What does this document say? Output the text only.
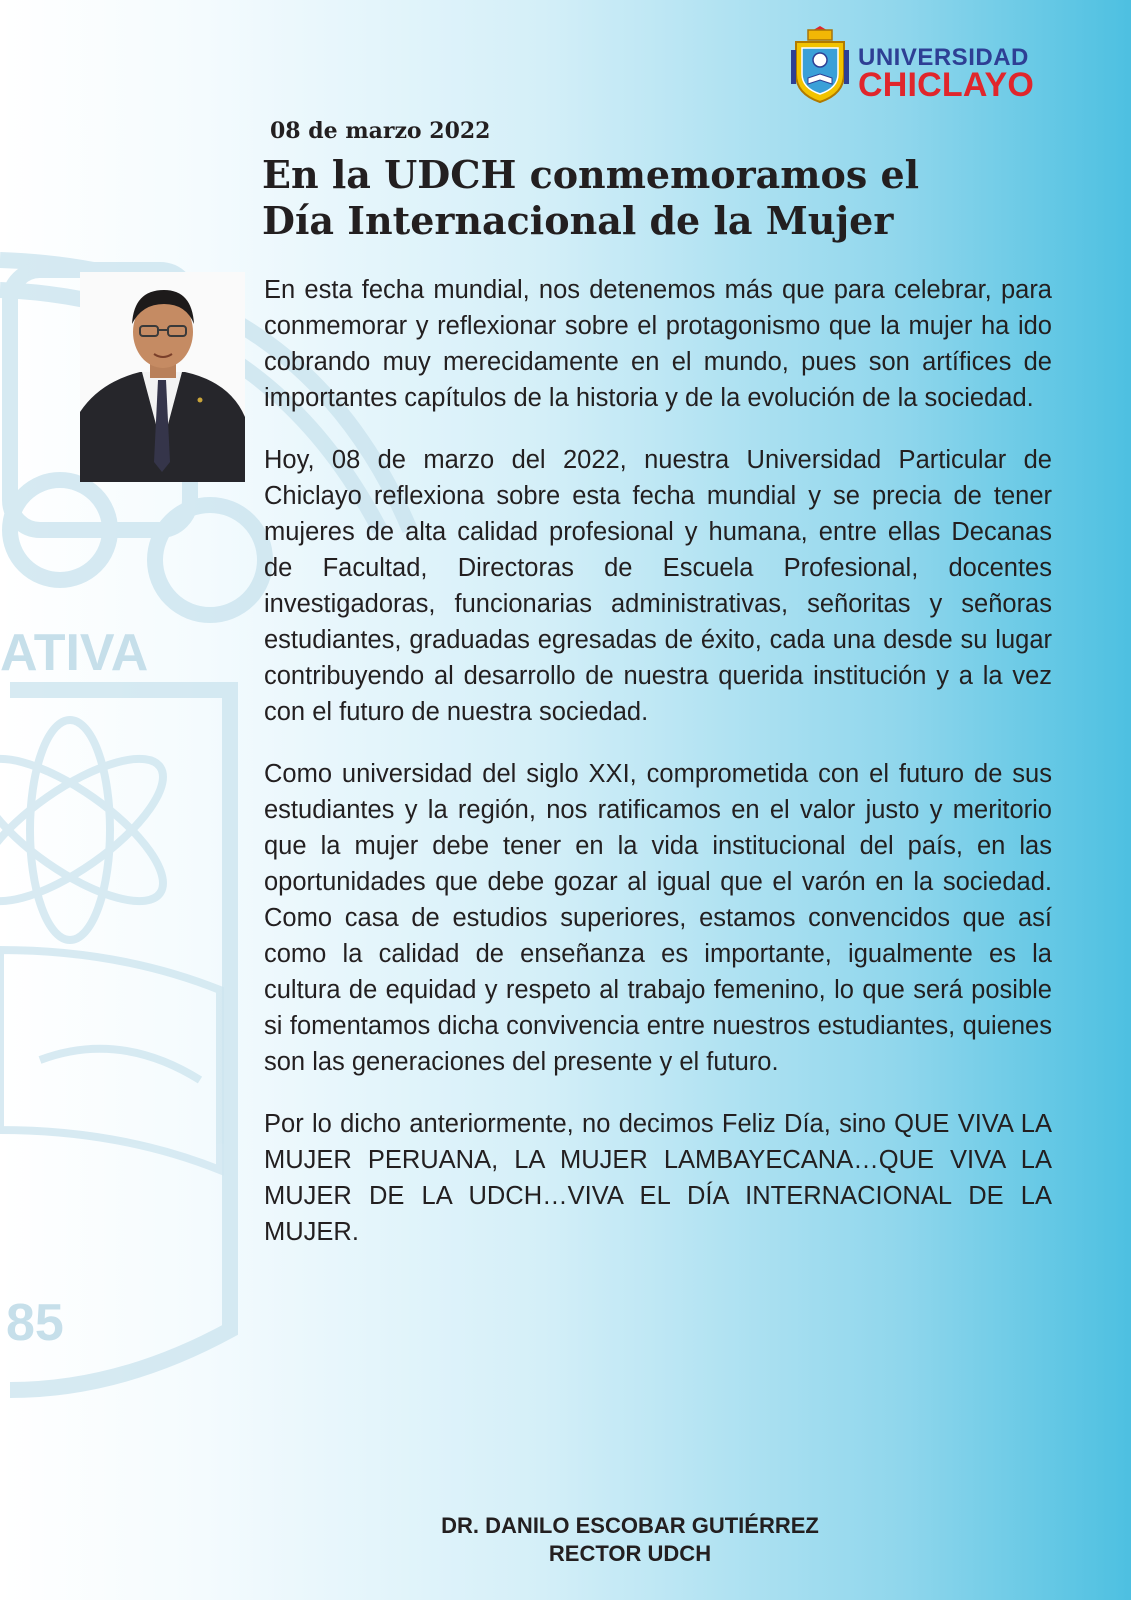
ATIVA
85
UNIVERSIDAD
CHICLAYO
08 de marzo 2022
En la UDCH conmemoramos el
Día Internacional de la Mujer

En esta fecha mundial, nos detenemos más que para celebrar, para conmemorar y reflexionar sobre el protagonismo que la mujer ha ido cobrando muy merecidamente en el mundo, pues son artífices de importantes capítulos de la historia y de la evolución de la sociedad.

Hoy, 08 de marzo del 2022, nuestra Universidad Particular de Chiclayo reflexiona sobre esta fecha mundial y se precia de tener mujeres de alta calidad profesional y humana, entre ellas Decanas de Facultad, Directoras de Escuela Profesional, docentes investigadoras, funcionarias administrativas, señoritas y señoras estudiantes, graduadas egresadas de éxito, cada una desde su lugar contribuyendo al desarrollo de nuestra querida institución y a la vez con el futuro de nuestra sociedad.

Como universidad del siglo XXI, comprometida con el futuro de sus estudiantes y la región, nos ratificamos en el valor justo y meritorio que la mujer debe tener en la vida institucional del país, en las oportunidades que debe gozar al igual que el varón en la sociedad. Como casa de estudios superiores, estamos convencidos que así como la calidad de enseñanza es importante, igualmente es la cultura de equidad y respeto al trabajo femenino, lo que será posible si fomentamos dicha convivencia entre nuestros estudiantes, quienes son las generaciones del presente y el futuro.

Por lo dicho anteriormente, no decimos Feliz Día, sino QUE VIVA LA MUJER PERUANA, LA MUJER LAMBAYECANA…QUE VIVA LA MUJER DE LA UDCH…VIVA EL DÍA INTERNACIONAL DE LA MUJER.

DR. DANILO ESCOBAR GUTIÉRREZ
RECTOR UDCH
